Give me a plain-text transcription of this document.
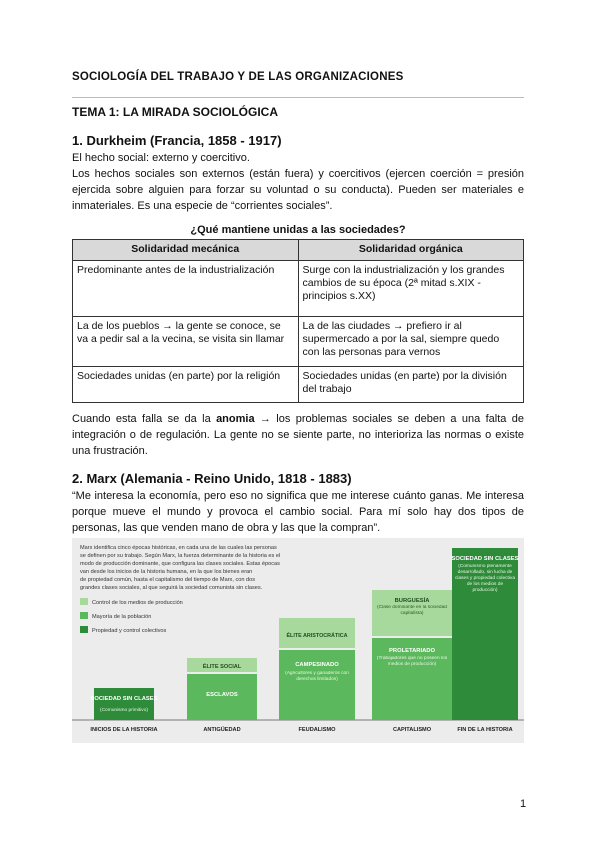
SOCIOLOGÍA DEL TRABAJO Y DE LAS ORGANIZACIONES
TEMA 1: LA MIRADA SOCIOLÓGICA
1. Durkheim (Francia, 1858 - 1917)
El hecho social: externo y coercitivo.
Los hechos sociales son externos (están fuera) y coercitivos (ejercen coerción = presión ejercida sobre alguien para forzar su voluntad o su conducta). Pueden ser materiales e inmateriales. Es una especie de “corrientes sociales”.
¿Qué mantiene unidas a las sociedades?
Solidaridad mecánica	Solidaridad orgánica
Predominante antes de la industrialización	Surge con la industrialización y los grandes cambios de su época (2ª mitad s.XIX - principios s.XX)
La de los pueblos → la gente se conoce, se va a pedir sal a la vecina, se visita sin llamar	La de las ciudades → prefiero ir al supermercado a por la sal, siempre quedo con las personas para vernos
Sociedades unidas (en parte) por la religión	Sociedades unidas (en parte) por la división del trabajo
Cuando esta falla se da la anomia → los problemas sociales se deben a una falta de integración o de regulación. La gente no se siente parte, no interioriza las normas o existe una frustración.
2. Marx (Alemania - Reino Unido, 1818 - 1883)
“Me interesa la economía, pero eso no significa que me interese cuánto ganas. Me interesa porque mueve el mundo y provoca el cambio social. Para mí solo hay dos tipos de personas, las que venden mano de obra y las que la compran”.
Marx identifica cinco épocas históricas, en cada una de las cuales las personas
se definen por su trabajo. Según Marx, la fuerza determinante de la historia es el
modo de producción dominante, que configura las clases sociales. Estas épocas
van desde los inicios de la historia humana, en la que los bienes eran
de propiedad común, hasta el capitalismo del tiempo de Marx, con dos
grandes clases sociales, al que seguirá la sociedad comunista sin clases.
Control de los medios de producción
Mayoría de la población
Propiedad y control colectivos
SOCIEDAD SIN CLASES
(Comunismo primitivo)
ÉLITE SOCIAL
ESCLAVOS
ÉLITE ARISTOCRÁTICA
CAMPESINADO
(Agricultores y ganaderos con derechos limitados)
BURGUESÍA
(Clase dominante en la sociedad capitalista)
PROLETARIADO
(Trabajadores que no poseen los medios de producción)
SOCIEDAD SIN CLASES
(Comunismo plenamente desarrollado, sin lucha de clases y propiedad colectiva de los medios de producción)
INICIOS DE LA HISTORIA	ANTIGÜEDAD	FEUDALISMO	CAPITALISMO	FIN DE LA HISTORIA
1
